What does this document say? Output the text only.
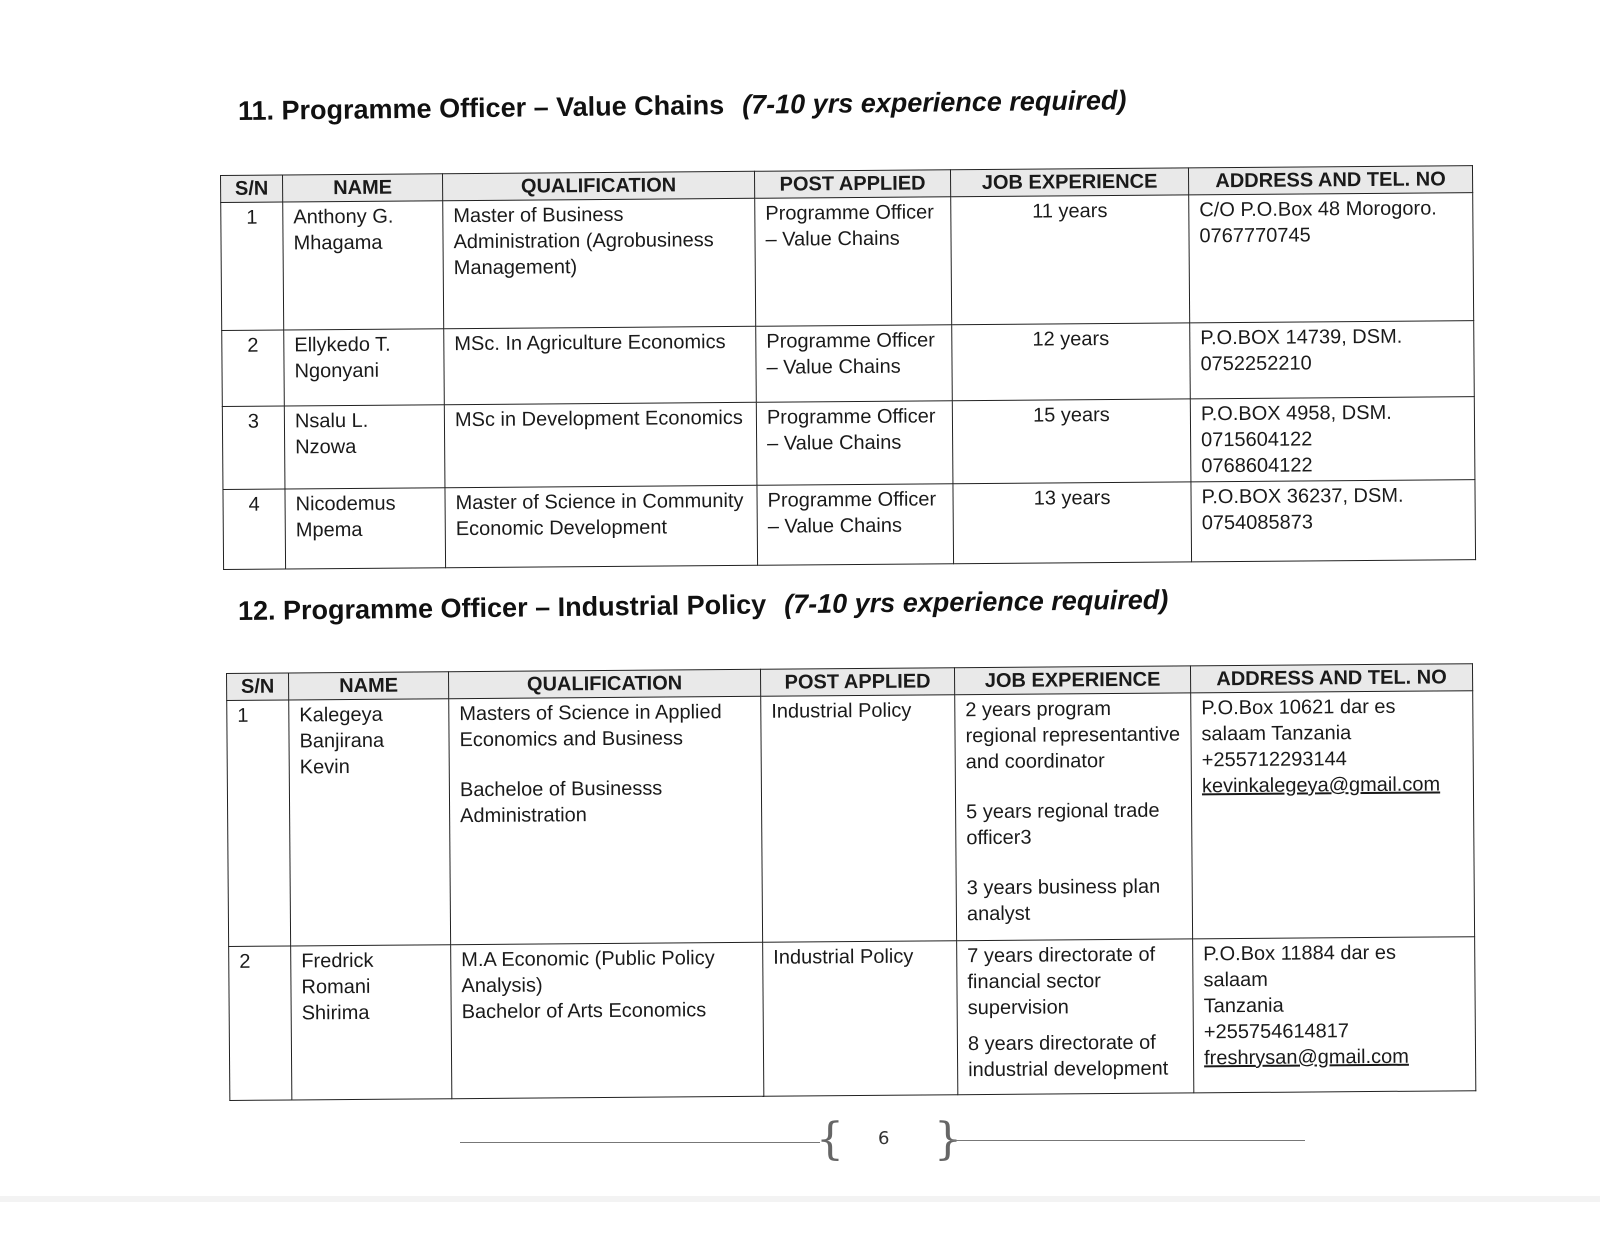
11. Programme Officer – Value Chains (7-10 yrs experience required)
S/N	NAME	QUALIFICATION	POST APPLIED	JOB EXPERIENCE	ADDRESS AND TEL. NO
1	Anthony G. Mhagama	Master of Business Administration (Agrobusiness Management)	Programme Officer – Value Chains	11 years	C/O P.O.Box 48 Morogoro.
0767770745

2	Ellykedo T. Ngonyani	MSc. In Agriculture Economics	Programme Officer – Value Chains	12 years	P.O.BOX 14739, DSM.
0752252210

3	Nsalu L. Nzowa	MSc in Development Economics	Programme Officer – Value Chains	15 years	P.O.BOX 4958, DSM.
0715604122
0768604122

4	Nicodemus Mpema	Master of Science in Community Economic Development	Programme Officer – Value Chains	13 years	P.O.BOX 36237, DSM.
0754085873
12. Programme Officer – Industrial Policy (7-10 yrs experience required)
S/N	NAME	QUALIFICATION	POST APPLIED	JOB EXPERIENCE	ADDRESS AND TEL. NO
1	Kalegeya Banjirana Kevin	Masters of Science in Applied Economics and Business
Bacheloe of Businesss Administration	Industrial Policy	2 years program regional representantive and coordinator
5 years regional trade officer3
3 years business plan analyst	P.O.Box 10621 dar es salaam Tanzania
+255712293144
kevinkalegeya@gmail.com

2	Fredrick Romani Shirima	M.A Economic (Public Policy Analysis)
Bachelor of Arts Economics	Industrial Policy	7 years directorate of financial sector supervision
8 years directorate of industrial development	P.O.Box 11884 dar es salaam
Tanzania
+255754614817
freshrysan@gmail.com
{ 6 }
